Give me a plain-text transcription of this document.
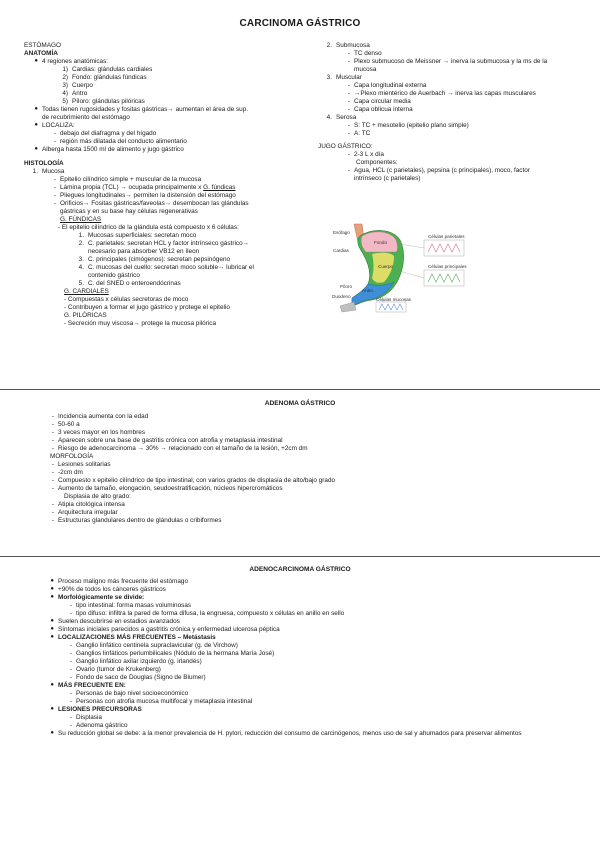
CARCINOMA GÁSTRICO
ESTÓMAGO
ANATOMÍA
● 4 regiones anatómicas:
1) Cardias: glándulas cardiales
2) Fondo: glándulas fúndicas
3) Cuerpo
4) Antro
5) Píloro: glándulas pilóricas
● Todas tienen rugosidades y fositas gástricas→ aumentan el área de sup.
de recubrimiento del estómago
● LOCALIZA:
- debajo del diafragma y del hígado
- región más dilatada del conducto alimentario
● Alberga hasta 1500 ml de alimento y jugo gástrico
HISTOLOGÍA
1. Mucosa
- Epitelio cilíndrico simple + muscular de la mucosa
- Lámina propia (TCL) → ocupada principalmente x G. fúndicas
- Pliegues longitudinales→ permiten la distensión del estómago
- Orificios→ Fositas gástricas/faveolas→ desembocan las glándulas
gástricas y en su base hay células regenerativas
G. FÚNDICAS
- El epitelio cilíndrico de la glándula está compuesto x 6 células:
1. Mucosas superficiales: secretan moco
2. C. parietales: secretan HCL y factor intrínseco gástrico→
necesario para absorber VB12 en íleon
3. C. principales (cimógenos): secretan pepsinógeno
4. C. mucosas del cuello: secretan moco soluble→ lubricar el
contenido gástrico
5. C. del SNED o enteroendócrinas
G. CARDIALES
- Compuestas x células secretoras de moco
- Contribuyen a formar el jugo gástrico y protege el epitelio
G. PILÓRICAS
- Secreción muy viscosa→ protege la mucosa pilórica
2. Submucosa
- TC denso
- Plexo submucoso de Meissner → inerva la submucosa y la ms de la
mucosa
3. Muscular
- Capa longitudinal externa
- →Plexo mientérico de Auerbach → inerva las capas musculares
- Capa circular media
- Capa oblicua interna
4. Serosa
- S: TC + mesotelio (epitelio plano simple)
- A: TC
JUGO GÁSTRICO:
- 2-3 L x día
Componentes:
- Agua, HCL (c parietales), pepsina (c principales), moco, factor
intrínseco (c parietales)
Esófago
Fondo
Cardias
Cuerpo
Células parietales
Células principales
Píloro
Antro
Duodeno
Células mucosas
ADENOMA GÁSTRICO
- Incidencia aumenta con la edad
- 50-60 a
- 3 veces mayor en los hombres
- Aparecen sobre una base de gastritis crónica con atrofia y metaplasia intestinal
- Riesgo de adenocarcinoma → 30% → relacionado con el tamaño de la lesión, +2cm dm
MORFOLOGÍA
- Lesiones solitarias
- -2cm dm
- Compuesto x epitelio cilíndrico de tipo intestinal, con varios grados de displasia de alto/bajo grado
- Aumento de tamaño, elongación, seudoestratificación, núcleos hipercromáticos
Displasia de alto grado:
- Atipia citológica intensa
- Arquitectura irregular
- Estructuras glandulares dentro de glándulas o cribiformes
ADENOCARCINOMA GÁSTRICO
● Proceso maligno más frecuente del estómago
● +90% de todos los cánceres gástricos
● Morfológicamente se divide:
- tipo intestinal: forma masas voluminosas
- tipo difuso: infiltra la pared de forma difusa, la engruesa, compuesto x células en anillo en sello
● Suelen descubrirse en estadios avanzados
● Síntomas iniciales parecidos a gastritis crónica y enfermedad ulcerosa péptica
● LOCALIZACIONES MÁS FRECUENTES – Metástasis
- Ganglio linfático centinela supraclavicular (g. de Virchow)
- Ganglios linfáticos periumbilicales (Nódulo de la hermana María José)
- Ganglio linfático axilar izquierdo (g. irlandés)
- Ovario (tumor de Krukenberg)
- Fondo de saco de Douglas (Signo de Blumer)
● MÁS FRECUENTE EN:
- Personas de bajo nivel socioeconómico
- Personas con atrofia mucosa multifocal y metaplasia intestinal
● LESIONES PRECURSORAS
- Displasia
- Adenoma gástrico
● Su reducción global se debe: a la menor prevalencia de H. pylori, reducción del consumo de carcinógenos, menos uso de sal y ahumados para preservar alimentos
